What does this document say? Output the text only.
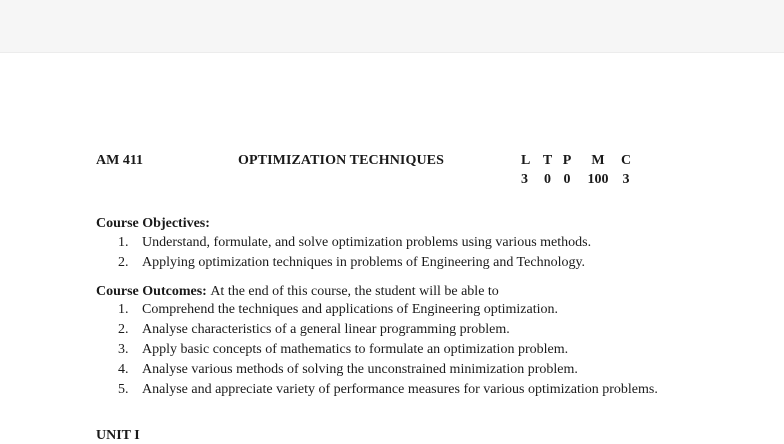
AM 411	OPTIMIZATION TECHNIQUES	L T P M C
3 0 0 100 3
Course Objectives:
1. Understand, formulate, and solve optimization problems using various methods.
2. Applying optimization techniques in problems of Engineering and Technology.
Course Outcomes: At the end of this course, the student will be able to
1. Comprehend the techniques and applications of Engineering optimization.
2. Analyse characteristics of a general linear programming problem.
3. Apply basic concepts of mathematics to formulate an optimization problem.
4. Analyse various methods of solving the unconstrained minimization problem.
5. Analyse and appreciate variety of performance measures for various optimization problems.
UNIT I
